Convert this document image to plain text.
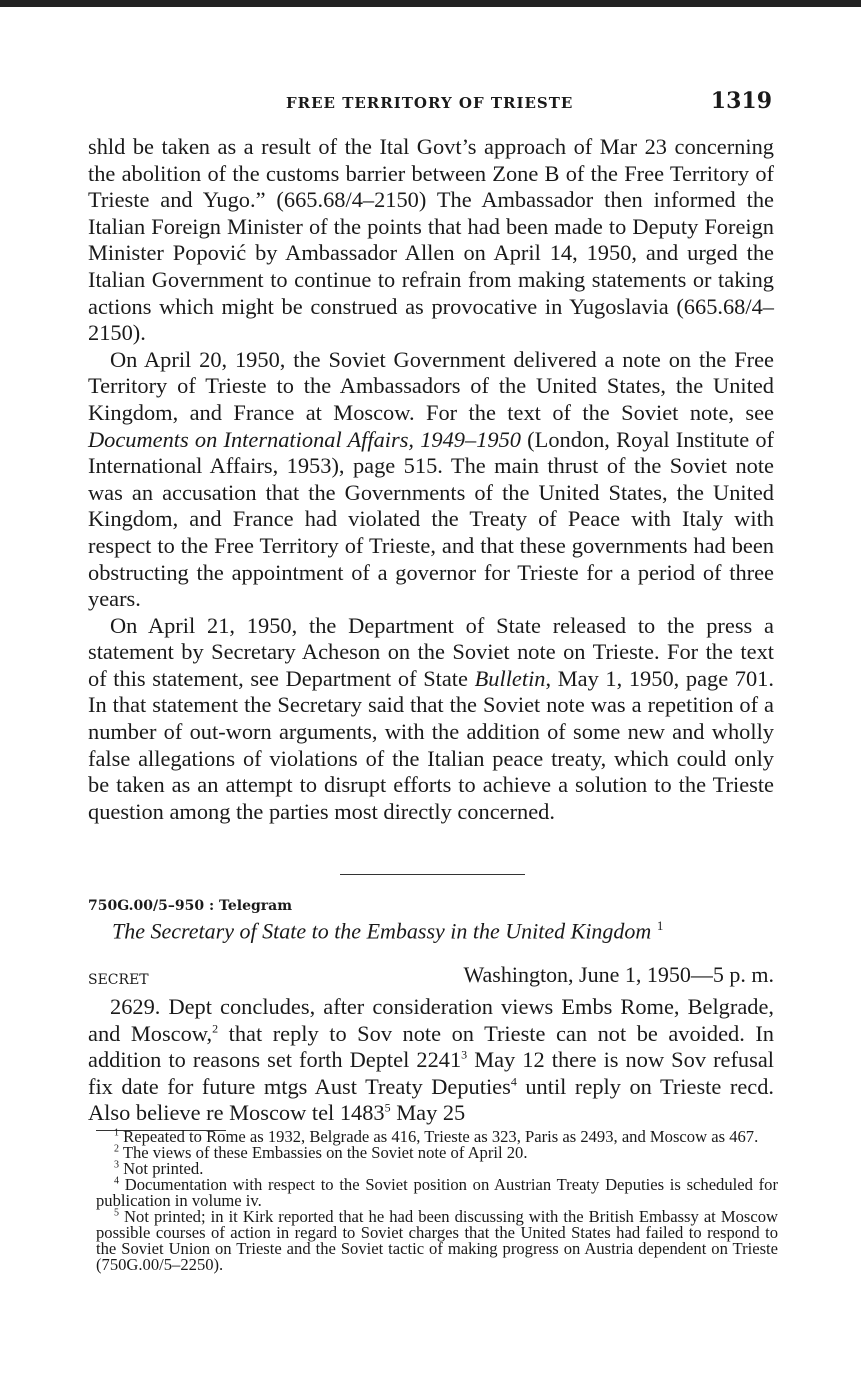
FREE TERRITORY OF TRIESTE	1319

shld be taken as a result of the Ital Govt’s approach of Mar 23 concerning the abolition of the customs barrier between Zone B of the Free Territory of Trieste and Yugo.” (665.68/4–2150) The Ambassador then informed the Italian Foreign Minister of the points that had been made to Deputy Foreign Minister Popović by Ambassador Allen on April 14, 1950, and urged the Italian Government to continue to refrain from making statements or taking actions which might be construed as provocative in Yugoslavia (665.68/4–2150).

On April 20, 1950, the Soviet Government delivered a note on the Free Territory of Trieste to the Ambassadors of the United States, the United Kingdom, and France at Moscow. For the text of the Soviet note, see Documents on International Affairs, 1949–1950 (London, Royal Institute of International Affairs, 1953), page 515. The main thrust of the Soviet note was an accusation that the Governments of the United States, the United Kingdom, and France had violated the Treaty of Peace with Italy with respect to the Free Territory of Trieste, and that these governments had been obstructing the appointment of a governor for Trieste for a period of three years.

On April 21, 1950, the Department of State released to the press a statement by Secretary Acheson on the Soviet note on Trieste. For the text of this statement, see Department of State Bulletin, May 1, 1950, page 701. In that statement the Secretary said that the Soviet note was a repetition of a number of out-worn arguments, with the addition of some new and wholly false allegations of violations of the Italian peace treaty, which could only be taken as an attempt to disrupt efforts to achieve a solution to the Trieste question among the parties most directly concerned.

750G.00/5–950 : Telegram
The Secretary of State to the Embassy in the United Kingdom $^1$
SECRET	Washington, June 1, 1950—5 p. m.

2629. Dept concludes, after consideration views Embs Rome, Belgrade, and Moscow,$^2$ that reply to Sov note on Trieste can not be avoided. In addition to reasons set forth Deptel 2241$^3$ May 12 there is now Sov refusal fix date for future mtgs Aust Treaty Deputies$^4$ until reply on Trieste recd. Also believe re Moscow tel 1483$^5$ May 25

$^1$ Repeated to Rome as 1932, Belgrade as 416, Trieste as 323, Paris as 2493, and Moscow as 467.

$^2$ The views of these Embassies on the Soviet note of April 20.

$^3$ Not printed.

$^4$ Documentation with respect to the Soviet position on Austrian Treaty Deputies is scheduled for publication in volume iv.

$^5$ Not printed; in it Kirk reported that he had been discussing with the British Embassy at Moscow possible courses of action in regard to Soviet charges that the United States had failed to respond to the Soviet Union on Trieste and the Soviet tactic of making progress on Austria dependent on Trieste (750G.00/5–2250).
